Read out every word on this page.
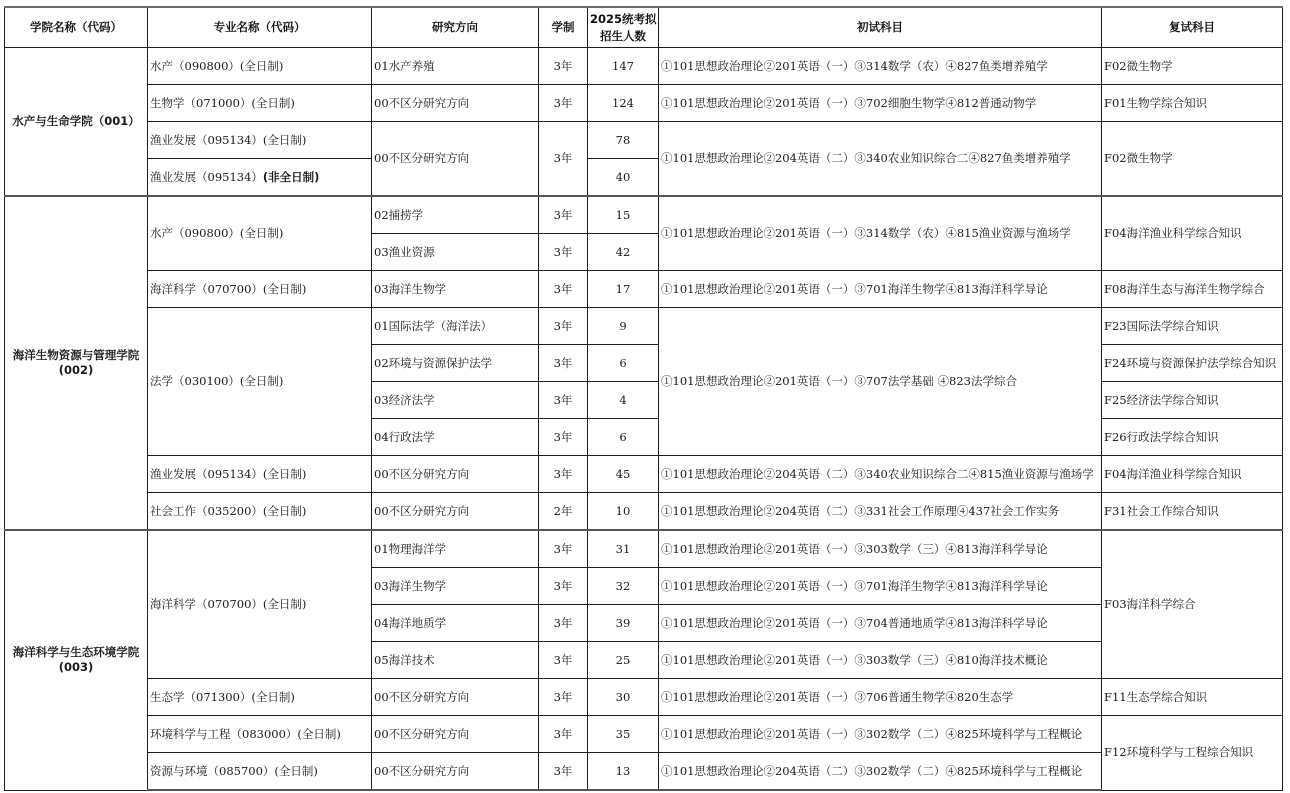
学院名称（代码）	专业名称（代码）	研究方向	学制	2025统考拟
招生人数	初试科目	复试科目
水产与生命学院（001）	水产（090800）(全日制)	01水产养殖	3年	147	①101思想政治理论②201英语（一）③314数学（农）④827鱼类增养殖学	F02微生物学
	生物学（071000）(全日制)	00不区分研究方向	3年	124	①101思想政治理论②201英语（一）③702细胞生物学④812普通动物学	F01生物学综合知识
	渔业发展（095134）(全日制)	00不区分研究方向	3年	78	①101思想政治理论②204英语（二）③340农业知识综合二④827鱼类增养殖学	F02微生物学
	渔业发展（095134）(非全日制)			40		
海洋生物资源与管理学院
(002)	水产（090800）(全日制)	02捕捞学	3年	15	①101思想政治理论②201英语（一）③314数学（农）④815渔业资源与渔场学	F04海洋渔业科学综合知识
		03渔业资源	3年	42		
	海洋科学（070700）(全日制)	03海洋生物学	3年	17	①101思想政治理论②201英语（一）③701海洋生物学④813海洋科学导论	F08海洋生态与海洋生物学综合
	法学（030100）(全日制)	01国际法学（海洋法）	3年	9	①101思想政治理论②201英语（一）③707法学基础 ④823法学综合	F23国际法学综合知识
		02环境与资源保护法学	3年	6		F24环境与资源保护法学综合知识
		03经济法学	3年	4		F25经济法学综合知识
		04行政法学	3年	6		F26行政法学综合知识
	渔业发展（095134）(全日制)	00不区分研究方向	3年	45	①101思想政治理论②204英语（二）③340农业知识综合二④815渔业资源与渔场学	F04海洋渔业科学综合知识
	社会工作（035200）(全日制)	00不区分研究方向	2年	10	①101思想政治理论②204英语（二）③331社会工作原理④437社会工作实务	F31社会工作综合知识
海洋科学与生态环境学院
(003)	海洋科学（070700）(全日制)	01物理海洋学	3年	31	①101思想政治理论②201英语（一）③303数学（三）④813海洋科学导论	F03海洋科学综合
		03海洋生物学	3年	32	①101思想政治理论②201英语（一）③701海洋生物学④813海洋科学导论	
		04海洋地质学	3年	39	①101思想政治理论②201英语（一）③704普通地质学④813海洋科学导论	
		05海洋技术	3年	25	①101思想政治理论②201英语（一）③303数学（三）④810海洋技术概论	
	生态学（071300）(全日制)	00不区分研究方向	3年	30	①101思想政治理论②201英语（一）③706普通生物学④820生态学	F11生态学综合知识
	环境科学与工程（083000）(全日制)	00不区分研究方向	3年	35	①101思想政治理论②201英语（一）③302数学（二）④825环境科学与工程概论	F12环境科学与工程综合知识
	资源与环境（085700）(全日制)	00不区分研究方向	3年	13	①101思想政治理论②204英语（二）③302数学（二）④825环境科学与工程概论	
